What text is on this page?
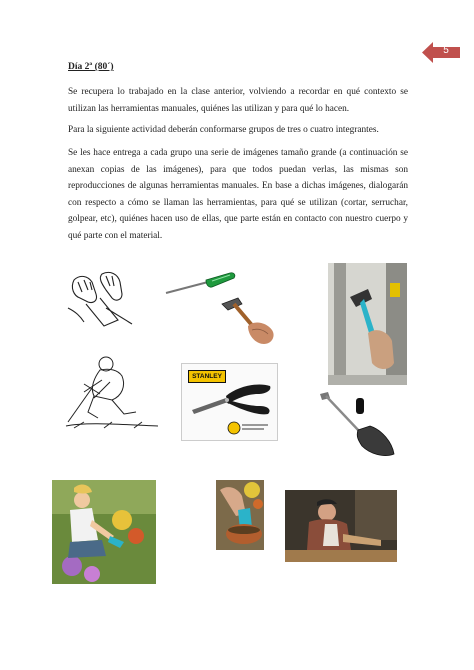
5
Día 2ª (80´)
Se recupera lo trabajado en la clase anterior, volviendo a recordar en qué contexto se utilizan las herramientas manuales, quiénes las utilizan y para qué lo hacen.
Para la siguiente actividad deberán conformarse grupos de tres o cuatro integrantes.
Se les hace entrega a cada grupo una serie de imágenes tamaño grande (a continuación se anexan copias de las imágenes), para que todos puedan verlas, las mismas son reproducciones de algunas herramientas manuales. En base a dichas imágenes, dialogarán con respecto a cómo se llaman las herramientas, para qué se utilizan (cortar, serruchar, golpear, etc), quiénes hacen uso de ellas, que parte están en contacto con nuestro cuerpo y qué parte con el material.
STANLEY
